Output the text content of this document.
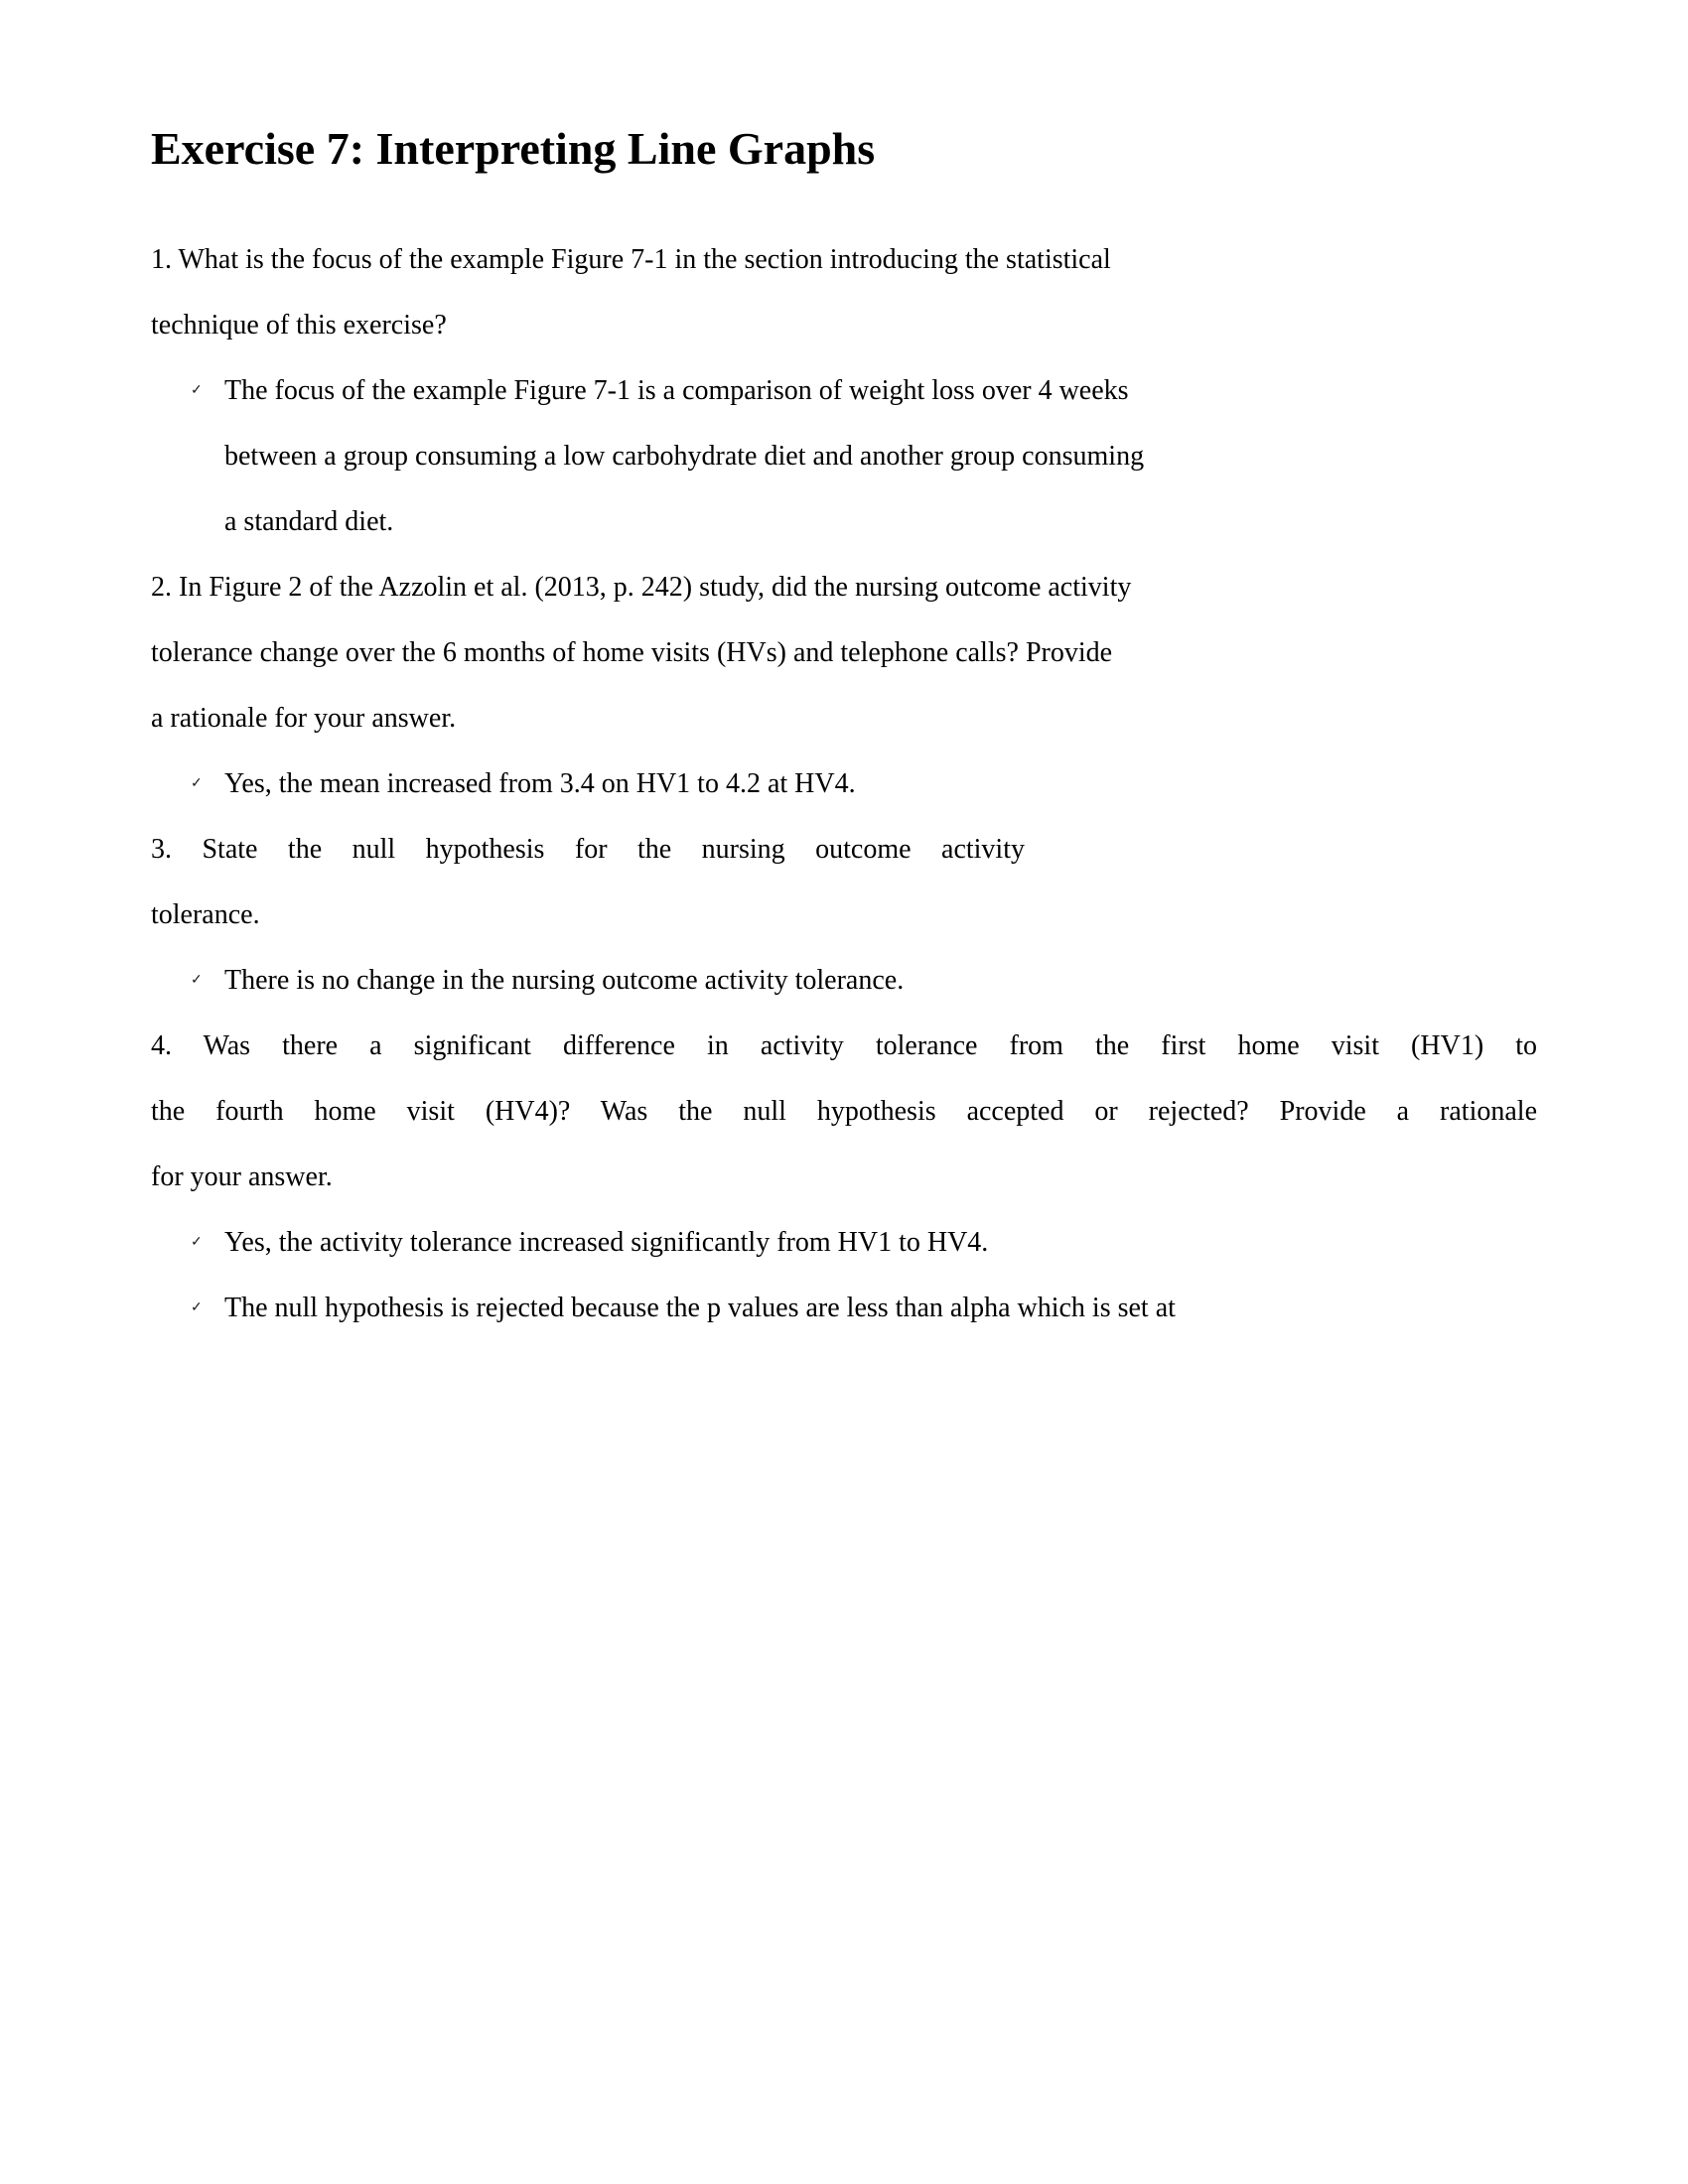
Exercise 7: Interpreting Line Graphs
1. What is the focus of the example Figure 7-1 in the section introducing the statistical
technique of this exercise?
✓ The focus of the example Figure 7-1 is a comparison of weight loss over 4 weeks
between a group consuming a low carbohydrate diet and another group consuming
a standard diet.
2. In Figure 2 of the Azzolin et al. (2013, p. 242) study, did the nursing outcome activity
tolerance change over the 6 months of home visits (HVs) and telephone calls? Provide
a rationale for your answer.
✓ Yes, the mean increased from 3.4 on HV1 to 4.2 at HV4.
3. State the null hypothesis for the nursing outcome activity
tolerance.
✓ There is no change in the nursing outcome activity tolerance.
4. Was there a significant difference in activity tolerance from the first home visit (HV1) to
the fourth home visit (HV4)? Was the null hypothesis accepted or rejected? Provide a rationale
for your answer.
✓ Yes, the activity tolerance increased significantly from HV1 to HV4.
✓ The null hypothesis is rejected because the p values are less than alpha which is set at
